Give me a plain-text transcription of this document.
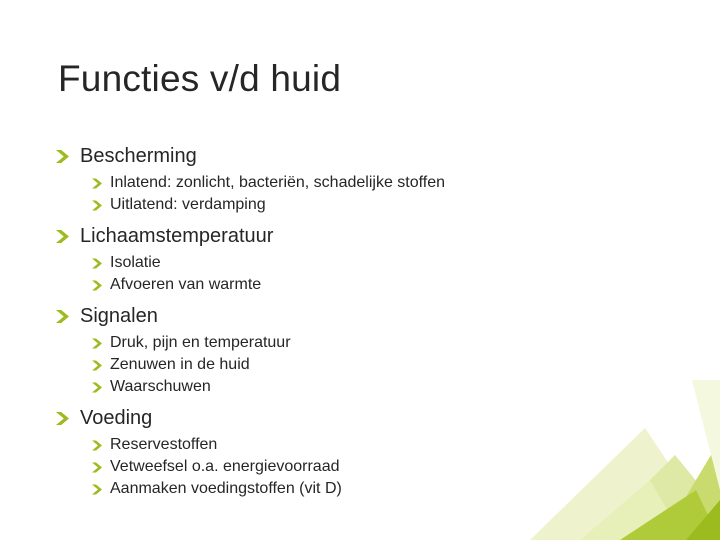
Functies v/d huid
Bescherming
Inlatend: zonlicht, bacteriën, schadelijke stoffen
Uitlatend: verdamping
Lichaamstemperatuur
Isolatie
Afvoeren van warmte
Signalen
Druk, pijn en temperatuur
Zenuwen in de huid
Waarschuwen
Voeding
Reservestoffen
Vetweefsel o.a. energievoorraad
Aanmaken voedingstoffen (vit D)
